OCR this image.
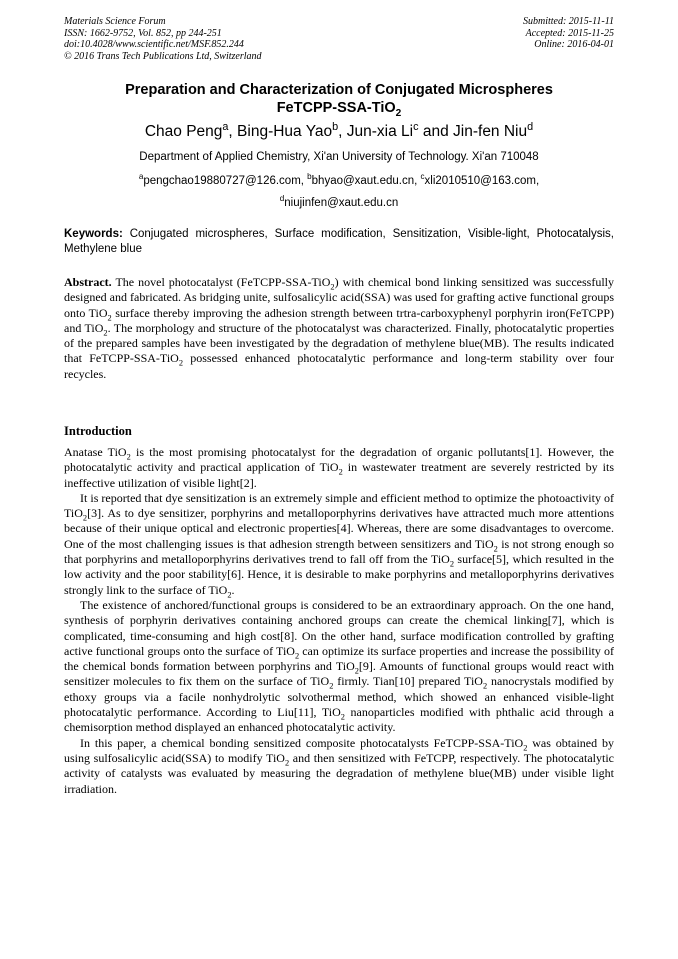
Materials Science Forum
ISSN: 1662-9752, Vol. 852, pp 244-251
doi:10.4028/www.scientific.net/MSF.852.244
© 2016 Trans Tech Publications Ltd, Switzerland
Submitted: 2015-11-11
Accepted: 2015-11-25
Online: 2016-04-01
Preparation and Characterization of Conjugated Microspheres
FeTCPP-SSA-TiO$_2$
Chao Peng$^a$, Bing-Hua Yao$^b$, Jun-xia Li$^c$ and Jin-fen Niu$^d$
Department of Applied Chemistry, Xi'an University of Technology. Xi'an 710048
$^a$pengchao19880727@126.com, $^b$bhyao@xaut.edu.cn, $^c$xli2010510@163.com,
$^d$niujinfen@xaut.edu.cn
Keywords: Conjugated microspheres, Surface modification, Sensitization, Visible-light, Photocatalysis, Methylene blue
Abstract. The novel photocatalyst (FeTCPP-SSA-TiO$_2$) with chemical bond linking sensitized was successfully designed and fabricated. As bridging unite, sulfosalicylic acid(SSA) was used for grafting active functional groups onto TiO$_2$ surface thereby improving the adhesion strength between trtra-carboxyphenyl porphyrin iron(FeTCPP) and TiO$_2$. The morphology and structure of the photocatalyst was characterized. Finally, photocatalytic properties of the prepared samples have been investigated by the degradation of methylene blue(MB). The results indicated that FeTCPP-SSA-TiO$_2$ possessed enhanced photocatalytic performance and long-term stability over four recycles.
Introduction

Anatase TiO$_2$ is the most promising photocatalyst for the degradation of organic pollutants[1]. However, the photocatalytic activity and practical application of TiO$_2$ in wastewater treatment are severely restricted by its ineffective utilization of visible light[2].

It is reported that dye sensitization is an extremely simple and efficient method to optimize the photoactivity of TiO$_2$[3]. As to dye sensitizer, porphyrins and metalloporphyrins derivatives have attracted much more attentions because of their unique optical and electronic properties[4]. Whereas, there are some disadvantages to overcome. One of the most challenging issues is that adhesion strength between sensitizers and TiO$_2$ is not strong enough so that porphyrins and metalloporphyrins derivatives trend to fall off from the TiO$_2$ surface[5], which resulted in the low activity and the poor stability[6]. Hence, it is desirable to make porphyrins and metalloporphyrins derivatives strongly link to the surface of TiO$_2$.

The existence of anchored/functional groups is considered to be an extraordinary approach. On the one hand, synthesis of porphyrin derivatives containing anchored groups can create the chemical linking[7], which is complicated, time-consuming and high cost[8]. On the other hand, surface modification controlled by grafting active functional groups onto the surface of TiO$_2$ can optimize its surface properties and increase the possibility of the chemical bonds formation between porphyrins and TiO$_2$[9]. Amounts of functional groups would react with sensitizer molecules to fix them on the surface of TiO$_2$ firmly. Tian[10] prepared TiO$_2$ nanocrystals modified by ethoxy groups via a facile nonhydrolytic solvothermal method, which showed an enhanced visible-light photocatalytic performance. According to Liu[11], TiO$_2$ nanoparticles modified with phthalic acid through a chemisorption method displayed an enhanced photocatalytic activity.

In this paper, a chemical bonding sensitized composite photocatalysts FeTCPP-SSA-TiO$_2$ was obtained by using sulfosalicylic acid(SSA) to modify TiO$_2$ and then sensitized with FeTCPP, respectively. The photocatalytic activity of catalysts was evaluated by measuring the degradation of methylene blue(MB) under visible light irradiation.
